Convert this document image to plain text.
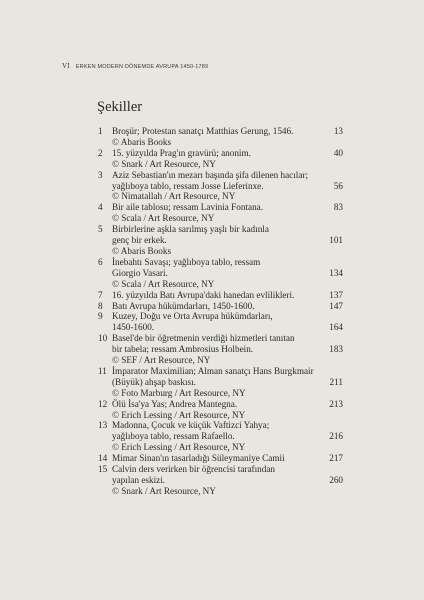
VI ERKEN MODERN DÖNEMDE AVRUPA 1450-1789
Şekiller
1	Broşür; Protestan sanatçı Matthias Gerung, 1546.	13
© Abaris Books
2	15. yüzyılda Prag'ın gravürü; anonim.	40
© Snark / Art Resource, NY
3	Aziz Sebastian'ın mezarı başında şifa dilenen hacılar;
yağlıboya tablo, ressam Josse Lieferinxe.	56
© Nimatallah / Art Resource, NY
4	Bir aile tablosu; ressam Lavinia Fontana.	83
© Scala / Art Resource, NY
5	Birbirlerine aşkla sarılmış yaşlı bir kadınla
genç bir erkek.	101
© Abaris Books
6	İnebahtı Savaşı; yağlıboya tablo, ressam
Giorgio Vasari.	134
© Scala / Art Resource, NY
7	16. yüzyılda Batı Avrupa'daki hanedan evlilikleri.	137
8	Batı Avrupa hükümdarları, 1450-1600.	147
9	Kuzey, Doğu ve Orta Avrupa hükümdarları,
1450-1600.	164
10 Basel'de bir öğretmenin verdiği hizmetleri tanıtan
bir tabela; ressam Ambrosius Holbein.	183
© SEF / Art Resource, NY
11 İmparator Maximilian; Alman sanatçı Hans Burgkmair
(Büyük) ahşap baskısı.	211
© Foto Marburg / Art Resource, NY
12 Ölü İsa'ya Yas; Andrea Mantegna.	213
© Erich Lessing / Art Resource, NY
13 Madonna, Çocuk ve küçük Vaftizci Yahya;
yağlıboya tablo, ressam Rafaello.	216
© Erich Lessing / Art Resource, NY
14 Mimar Sinan'ın tasarladığı Süleymaniye Camii	217
15 Calvin ders verirken bir öğrencisi tarafından
yapılan eskizi.	260
© Snark / Art Resource, NY
